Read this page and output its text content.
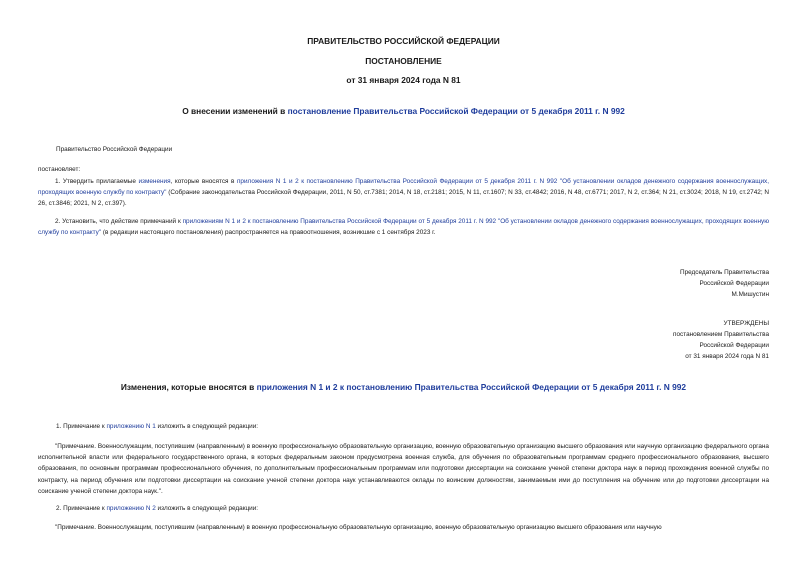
ПРАВИТЕЛЬСТВО РОССИЙСКОЙ ФЕДЕРАЦИИ
ПОСТАНОВЛЕНИЕ
от 31 января 2024 года N 81
О внесении изменений в постановление Правительства Российской Федерации от 5 декабря 2011 г. N 992
Правительство Российской Федерации
постановляет:
1. Утвердить прилагаемые изменения, которые вносятся в приложения N 1 и 2 к постановлению Правительства Российской Федерации от 5 декабря 2011 г. N 992 "Об установлении окладов денежного содержания военнослужащих, проходящих военную службу по контракту" (Собрание законодательства Российской Федерации, 2011, N 50, ст.7381; 2014, N 18, ст.2181; 2015, N 11, ст.1607; N 33, ст.4842; 2016, N 48, ст.6771; 2017, N 2, ст.364; N 21, ст.3024; 2018, N 19, ст.2742; N 26, ст.3846; 2021, N 2, ст.397).
2. Установить, что действие примечаний к приложениям N 1 и 2 к постановлению Правительства Российской Федерации от 5 декабря 2011 г. N 992 "Об установлении окладов денежного содержания военнослужащих, проходящих военную службу по контракту" (в редакции настоящего постановления) распространяется на правоотношения, возникшие с 1 сентября 2023 г.
Председатель Правительства
Российской Федерации
М.Мишустин
УТВЕРЖДЕНЫ
постановлением Правительства
Российской Федерации
от 31 января 2024 года N 81
Изменения, которые вносятся в приложения N 1 и 2 к постановлению Правительства Российской Федерации от 5 декабря 2011 г. N 992
1. Примечание к приложению N 1 изложить в следующей редакции:
"Примечание. Военнослужащим, поступившим (направленным) в военную профессиональную образовательную организацию, военную образовательную организацию высшего образования или научную организацию федерального органа исполнительной власти или федерального государственного органа, в которых федеральным законом предусмотрена военная служба, для обучения по образовательным программам среднего профессионального образования, высшего образования, по основным программам профессионального обучения, по дополнительным профессиональным программам или подготовки диссертации на соискание ученой степени доктора наук в период прохождения военной службы по контракту, на период обучения или подготовки диссертации на соискание ученой степени доктора наук устанавливаются оклады по воинским должностям, занимаемым ими до поступления на обучение или до подготовки диссертации на соискание ученой степени доктора наук.".
2. Примечание к приложению N 2 изложить в следующей редакции:
"Примечание. Военнослужащим, поступившим (направленным) в военную профессиональную образовательную организацию, военную образовательную организацию высшего образования или научную
